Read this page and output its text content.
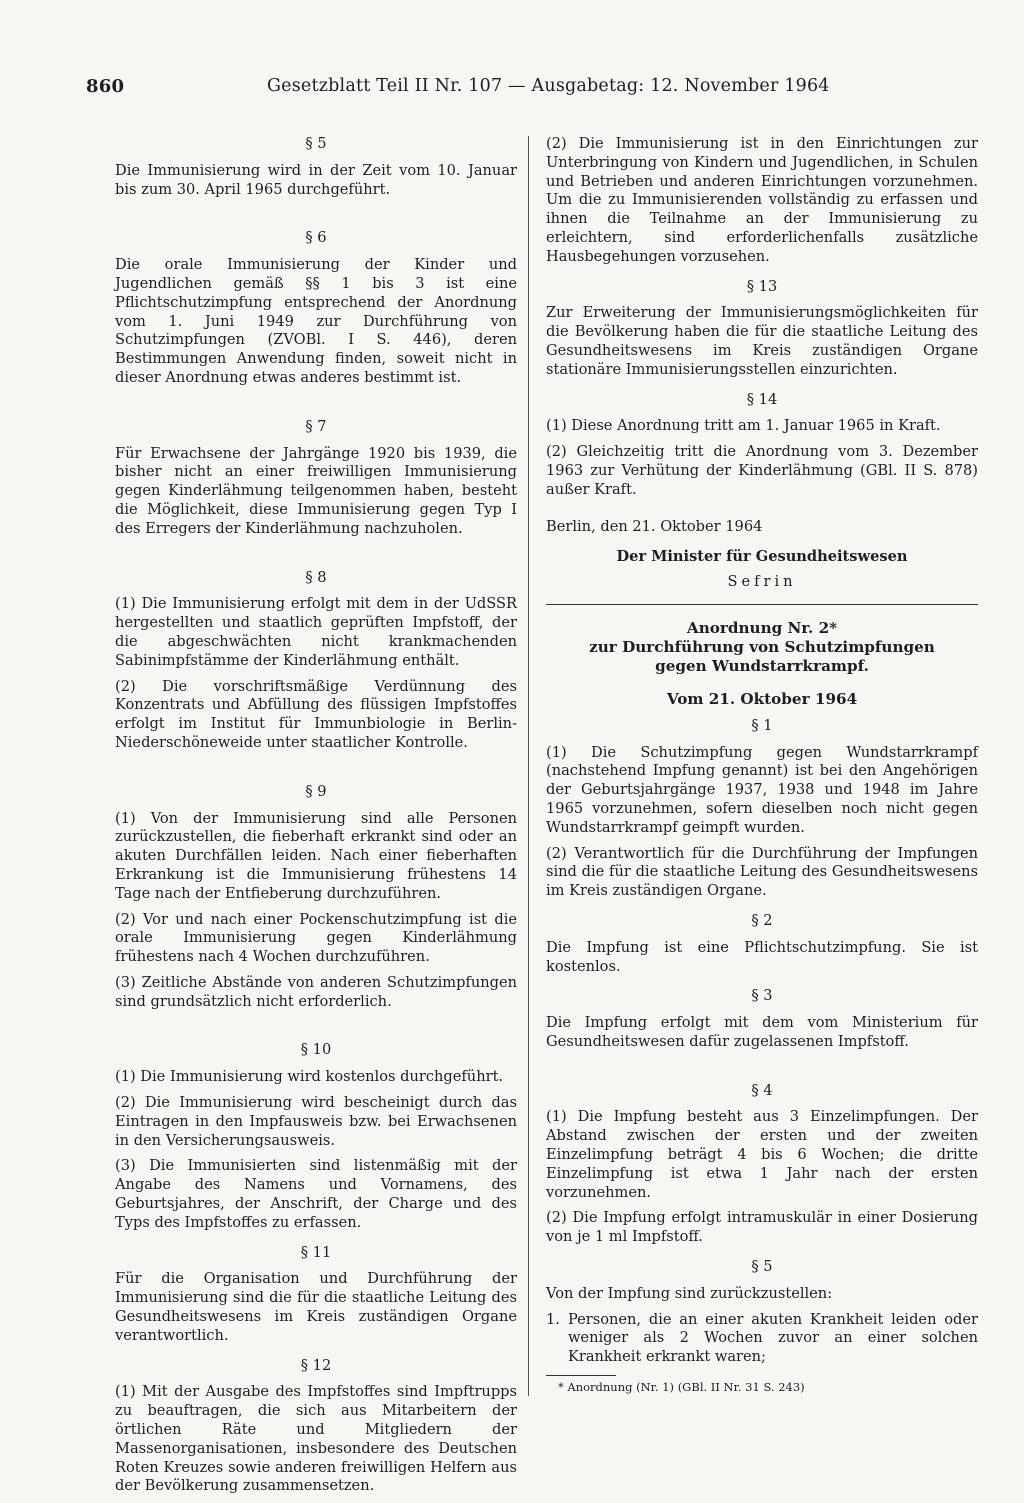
860	Gesetzblatt Teil II Nr. 107 — Ausgabetag: 12. November 1964
§ 5

Die Immunisierung wird in der Zeit vom 10. Januar bis zum 30. April 1965 durchgeführt.

§ 6

Die orale Immunisierung der Kinder und Jugendlichen gemäß §§ 1 bis 3 ist eine Pflichtschutzimpfung entsprechend der Anordnung vom 1. Juni 1949 zur Durchführung von Schutzimpfungen (ZVOBl. I S. 446), deren Bestimmungen Anwendung finden, soweit nicht in dieser Anordnung etwas anderes bestimmt ist.

§ 7

Für Erwachsene der Jahrgänge 1920 bis 1939, die bisher nicht an einer freiwilligen Immunisierung gegen Kinderlähmung teilgenommen haben, besteht die Möglichkeit, diese Immunisierung gegen Typ I des Erregers der Kinderlähmung nachzuholen.

§ 8

(1) Die Immunisierung erfolgt mit dem in der UdSSR hergestellten und staatlich geprüften Impfstoff, der die abgeschwächten nicht krankmachenden Sabinimpfstämme der Kinderlähmung enthält.

(2) Die vorschriftsmäßige Verdünnung des Konzentrats und Abfüllung des flüssigen Impfstoffes erfolgt im Institut für Immunbiologie in Berlin-Niederschöneweide unter staatlicher Kontrolle.

§ 9

(1) Von der Immunisierung sind alle Personen zurückzustellen, die fieberhaft erkrankt sind oder an akuten Durchfällen leiden. Nach einer fieberhaften Erkrankung ist die Immunisierung frühestens 14 Tage nach der Entfieberung durchzuführen.

(2) Vor und nach einer Pockenschutzimpfung ist die orale Immunisierung gegen Kinderlähmung frühestens nach 4 Wochen durchzuführen.

(3) Zeitliche Abstände von anderen Schutzimpfungen sind grundsätzlich nicht erforderlich.

§ 10

(1) Die Immunisierung wird kostenlos durchgeführt.

(2) Die Immunisierung wird bescheinigt durch das Eintragen in den Impfausweis bzw. bei Erwachsenen in den Versicherungsausweis.

(3) Die Immunisierten sind listenmäßig mit der Angabe des Namens und Vornamens, des Geburtsjahres, der Anschrift, der Charge und des Typs des Impfstoffes zu erfassen.

§ 11

Für die Organisation und Durchführung der Immunisierung sind die für die staatliche Leitung des Gesundheitswesens im Kreis zuständigen Organe verantwortlich.

§ 12

(1) Mit der Ausgabe des Impfstoffes sind Impftrupps zu beauftragen, die sich aus Mitarbeitern der örtlichen Räte und Mitgliedern der Massenorganisationen, insbesondere des Deutschen Roten Kreuzes sowie anderen freiwilligen Helfern aus der Bevölkerung zusammensetzen.

(2) Die Immunisierung ist in den Einrichtungen zur Unterbringung von Kindern und Jugendlichen, in Schulen und Betrieben und anderen Einrichtungen vorzunehmen. Um die zu Immunisierenden vollständig zu erfassen und ihnen die Teilnahme an der Immunisierung zu erleichtern, sind erforderlichenfalls zusätzliche Hausbegehungen vorzusehen.

§ 13

Zur Erweiterung der Immunisierungsmöglichkeiten für die Bevölkerung haben die für die staatliche Leitung des Gesundheitswesens im Kreis zuständigen Organe stationäre Immunisierungsstellen einzurichten.

§ 14

(1) Diese Anordnung tritt am 1. Januar 1965 in Kraft.

(2) Gleichzeitig tritt die Anordnung vom 3. Dezember 1963 zur Verhütung der Kinderlähmung (GBl. II S. 878) außer Kraft.

Berlin, den 21. Oktober 1964

Der Minister für Gesundheitswesen
Sefrin
Anordnung Nr. 2*
zur Durchführung von Schutzimpfungen
gegen Wundstarrkrampf.
Vom 21. Oktober 1964
§ 1

(1) Die Schutzimpfung gegen Wundstarrkrampf (nachstehend Impfung genannt) ist bei den Angehörigen der Geburtsjahrgänge 1937, 1938 und 1948 im Jahre 1965 vorzunehmen, sofern dieselben noch nicht gegen Wundstarrkrampf geimpft wurden.

(2) Verantwortlich für die Durchführung der Impfungen sind die für die staatliche Leitung des Gesundheitswesens im Kreis zuständigen Organe.

§ 2

Die Impfung ist eine Pflichtschutzimpfung. Sie ist kostenlos.

§ 3

Die Impfung erfolgt mit dem vom Ministerium für Gesundheitswesen dafür zugelassenen Impfstoff.

§ 4

(1) Die Impfung besteht aus 3 Einzelimpfungen. Der Abstand zwischen der ersten und der zweiten Einzelimpfung beträgt 4 bis 6 Wochen; die dritte Einzelimpfung ist etwa 1 Jahr nach der ersten vorzunehmen.

(2) Die Impfung erfolgt intramuskulär in einer Dosierung von je 1 ml Impfstoff.

§ 5

Von der Impfung sind zurückzustellen:

1. Personen, die an einer akuten Krankheit leiden oder weniger als 2 Wochen zuvor an einer solchen Krankheit erkrankt waren;
* Anordnung (Nr. 1) (GBl. II Nr. 31 S. 243)
